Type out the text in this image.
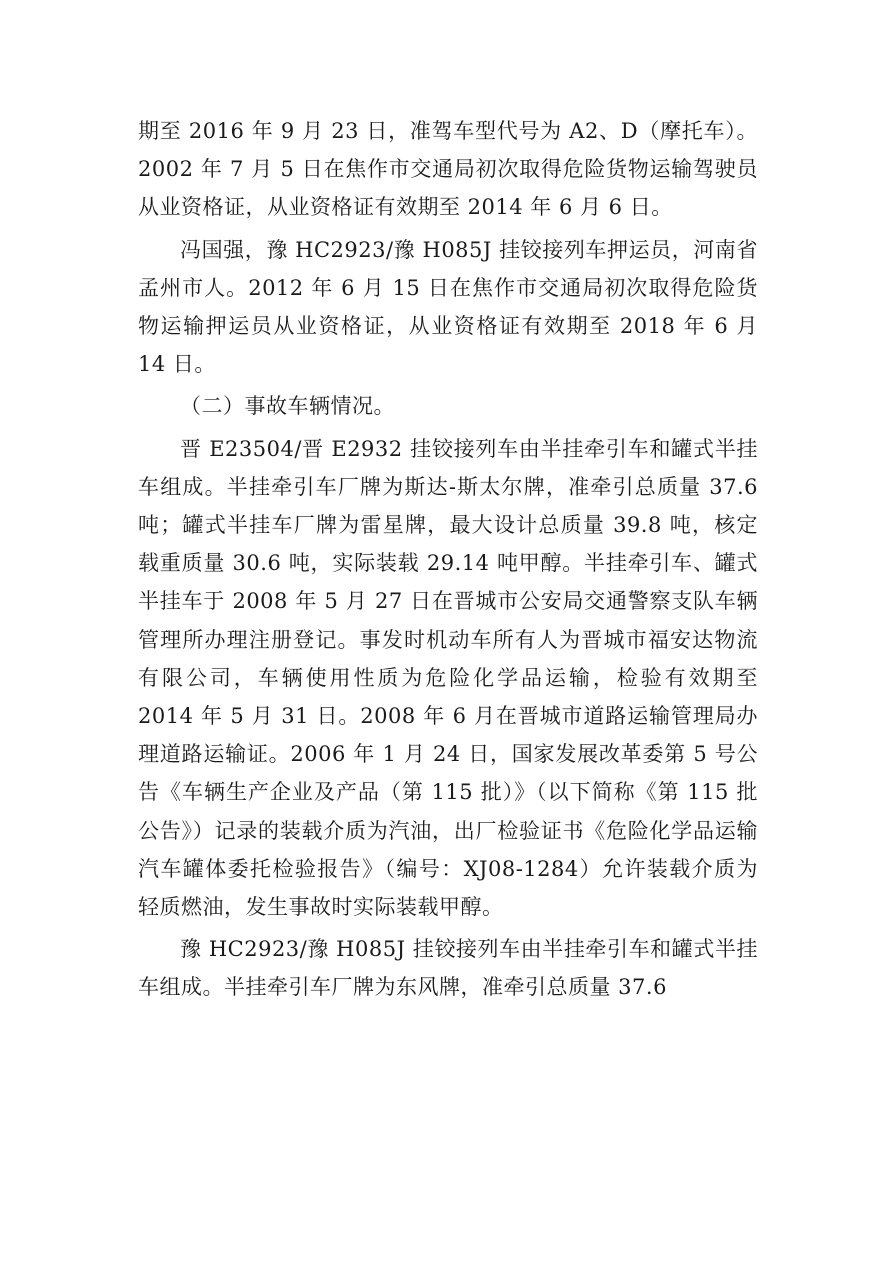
期至 2016 年 9 月 23 日，准驾车型代号为 A2、D（摩托车）。2002 年 7 月 5 日在焦作市交通局初次取得危险货物运输驾驶员从业资格证，从业资格证有效期至 2014 年 6 月 6 日。

冯国强，豫 HC2923/豫 H085J 挂铰接列车押运员，河南省孟州市人。2012 年 6 月 15 日在焦作市交通局初次取得危险货物运输押运员从业资格证，从业资格证有效期至 2018 年 6 月 14 日。

（二）事故车辆情况。

晋 E23504/晋 E2932 挂铰接列车由半挂牵引车和罐式半挂车组成。半挂牵引车厂牌为斯达-斯太尔牌，准牵引总质量 37.6 吨；罐式半挂车厂牌为雷星牌，最大设计总质量 39.8 吨，核定载重质量 30.6 吨，实际装载 29.14 吨甲醇。半挂牵引车、罐式半挂车于 2008 年 5 月 27 日在晋城市公安局交通警察支队车辆管理所办理注册登记。事发时机动车所有人为晋城市福安达物流有限公司，车辆使用性质为危险化学品运输，检验有效期至 2014 年 5 月 31 日。2008 年 6 月在晋城市道路运输管理局办理道路运输证。2006 年 1 月 24 日，国家发展改革委第 5 号公告《车辆生产企业及产品（第 115 批）》（以下简称《第 115 批公告》）记录的装载介质为汽油，出厂检验证书《危险化学品运输汽车罐体委托检验报告》（编号：XJ08-1284）允许装载介质为轻质燃油，发生事故时实际装载甲醇。

豫 HC2923/豫 H085J 挂铰接列车由半挂牵引车和罐式半挂车组成。半挂牵引车厂牌为东风牌，准牵引总质量 37.6
